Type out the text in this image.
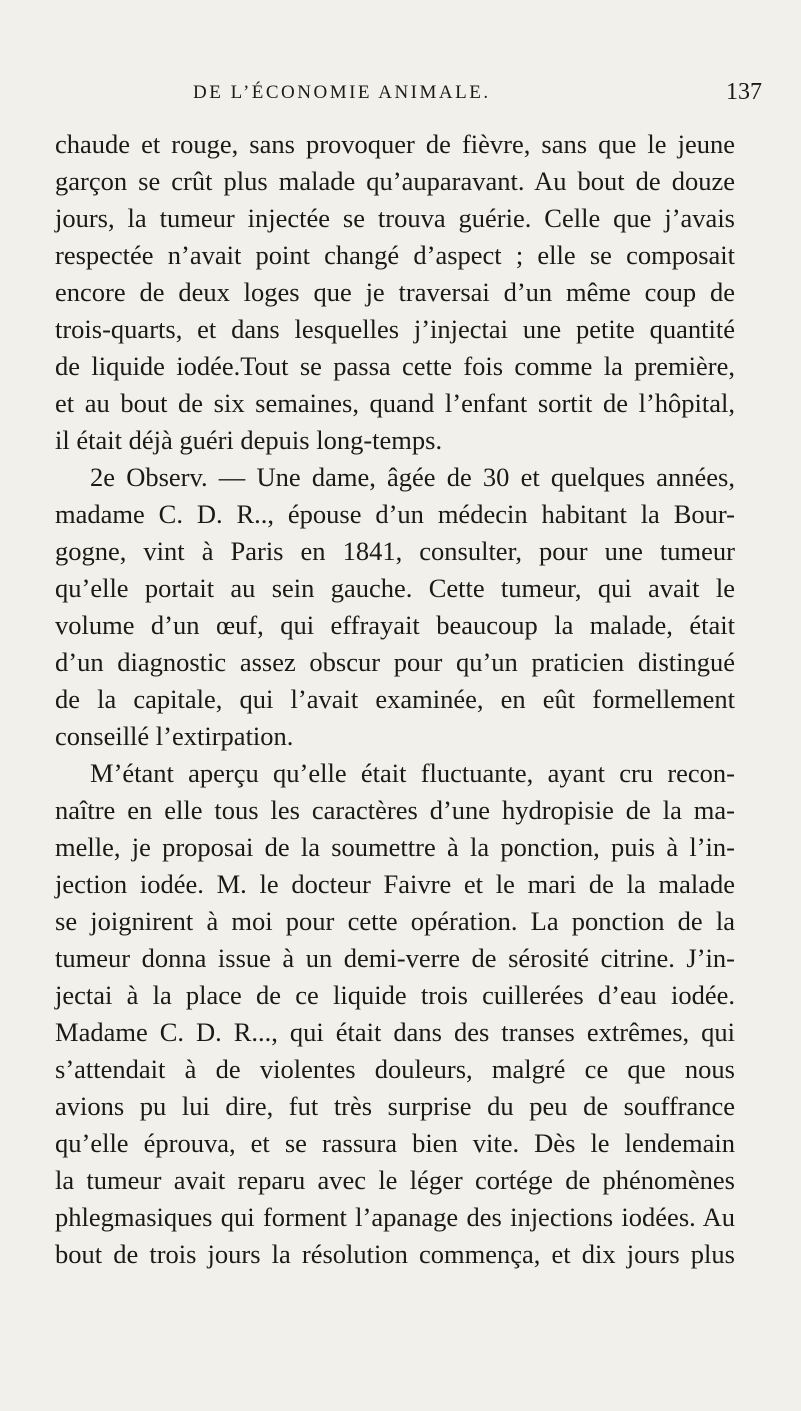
DE L’ÉCONOMIE ANIMALE.	137
chaude et rouge, sans provoquer de fièvre, sans que le jeune
garçon se crût plus malade qu’auparavant. Au bout de douze
jours, la tumeur injectée se trouva guérie. Celle que j’avais
respectée n’avait point changé d’aspect ; elle se composait
encore de deux loges que je traversai d’un même coup de
trois-quarts, et dans lesquelles j’injectai une petite quantité
de liquide iodée.Tout se passa cette fois comme la première,
et au bout de six semaines, quand l’enfant sortit de l’hôpital,
il était déjà guéri depuis long-temps.
2e Observ. — Une dame, âgée de 30 et quelques années,
madame C. D. R.., épouse d’un médecin habitant la Bour-
gogne, vint à Paris en 1841, consulter, pour une tumeur
qu’elle portait au sein gauche. Cette tumeur, qui avait le
volume d’un œuf, qui effrayait beaucoup la malade, était
d’un diagnostic assez obscur pour qu’un praticien distingué
de la capitale, qui l’avait examinée, en eût formellement
conseillé l’extirpation.
M’étant aperçu qu’elle était fluctuante, ayant cru recon-
naître en elle tous les caractères d’une hydropisie de la ma-
melle, je proposai de la soumettre à la ponction, puis à l’in-
jection iodée. M. le docteur Faivre et le mari de la malade
se joignirent à moi pour cette opération. La ponction de la
tumeur donna issue à un demi-verre de sérosité citrine. J’in-
jectai à la place de ce liquide trois cuillerées d’eau iodée.
Madame C. D. R..., qui était dans des transes extrêmes, qui
s’attendait à de violentes douleurs, malgré ce que nous
avions pu lui dire, fut très surprise du peu de souffrance
qu’elle éprouva, et se rassura bien vite. Dès le lendemain
la tumeur avait reparu avec le léger cortége de phénomènes
phlegmasiques qui forment l’apanage des injections iodées. Au
bout de trois jours la résolution commença, et dix jours plus
